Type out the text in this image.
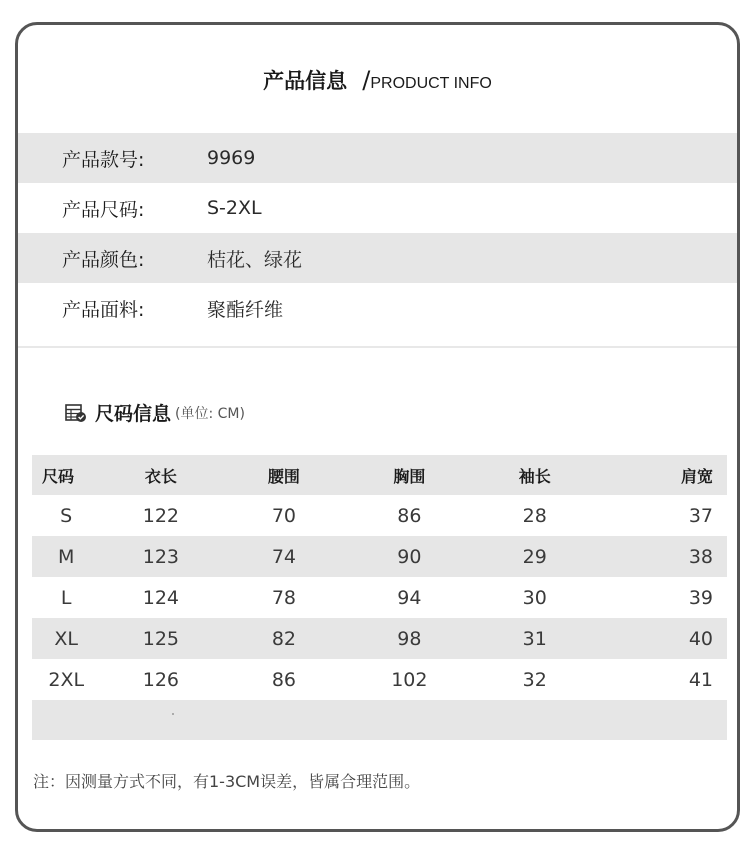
产品信息 /PRODUCT INFO
产品款号:	9969
产品尺码:	S-2XL
产品颜色:	桔花、绿花
产品面料:	聚酯纤维
尺码信息 (单位: CM)
尺码	衣长	腰围	胸围	袖长	肩宽
S	122	70	86	28	37
M	123	74	90	29	38
L	124	78	94	30	39
XL	125	82	98	31	40
2XL	126	86	102	32	41

注：因测量方式不同，有1-3CM误差，皆属合理范围。
